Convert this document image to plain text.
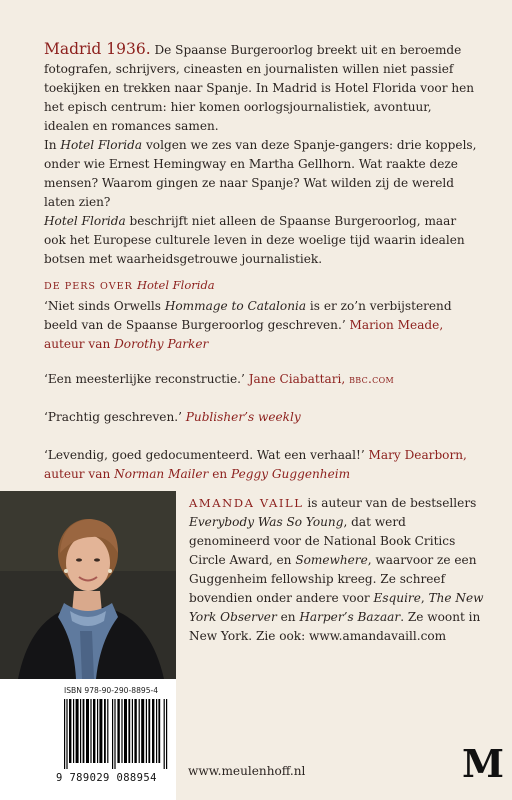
Madrid 1936. De Spaanse Burgeroorlog breekt uit en beroemde fotografen, schrijvers, cineasten en journalisten willen niet passief toekijken en trekken naar Spanje. In Madrid is Hotel Florida voor hen het episch centrum: hier komen oorlogsjournalistiek, avontuur, idealen en romances samen.

In Hotel Florida volgen we zes van deze Spanje-gangers: drie koppels, onder wie Ernest Hemingway en Martha Gellhorn. Wat raakte deze mensen? Waarom gingen ze naar Spanje? Wat wilden zij de wereld laten zien?

Hotel Florida beschrijft niet alleen de Spaanse Burgeroorlog, maar ook het Europese culturele leven in deze woelige tijd waarin idealen botsen met waarheidsgetrouwe journalistiek.

DE PERS OVER Hotel Florida

‘Niet sinds Orwells Hommage to Catalonia is er zo’n verbijsterend beeld van de Spaanse Burgeroorlog geschreven.’ Marion Meade, auteur van Dorothy Parker

‘Een meesterlijke reconstructie.’ Jane Ciabattari, bbc.com

‘Prachtig geschreven.’ Publisher’s weekly

‘Levendig, goed gedocumenteerd. Wat een verhaal!’ Mary Dearborn, auteur van Norman Mailer en Peggy Guggenheim

ISBN 978-90-290-8895-4
9 789029 088954
AMANDA VAILL is auteur van de bestsellers Everybody Was So Young, dat werd genomineerd voor de National Book Critics Circle Award, en Somewhere, waarvoor ze een Guggenheim fellowship kreeg. Ze schreef bovendien onder andere voor Esquire, The New York Observer en Harper’s Bazaar. Ze woont in New York. Zie ook: www.amandavaill.com
www.meulenhoff.nl	M
